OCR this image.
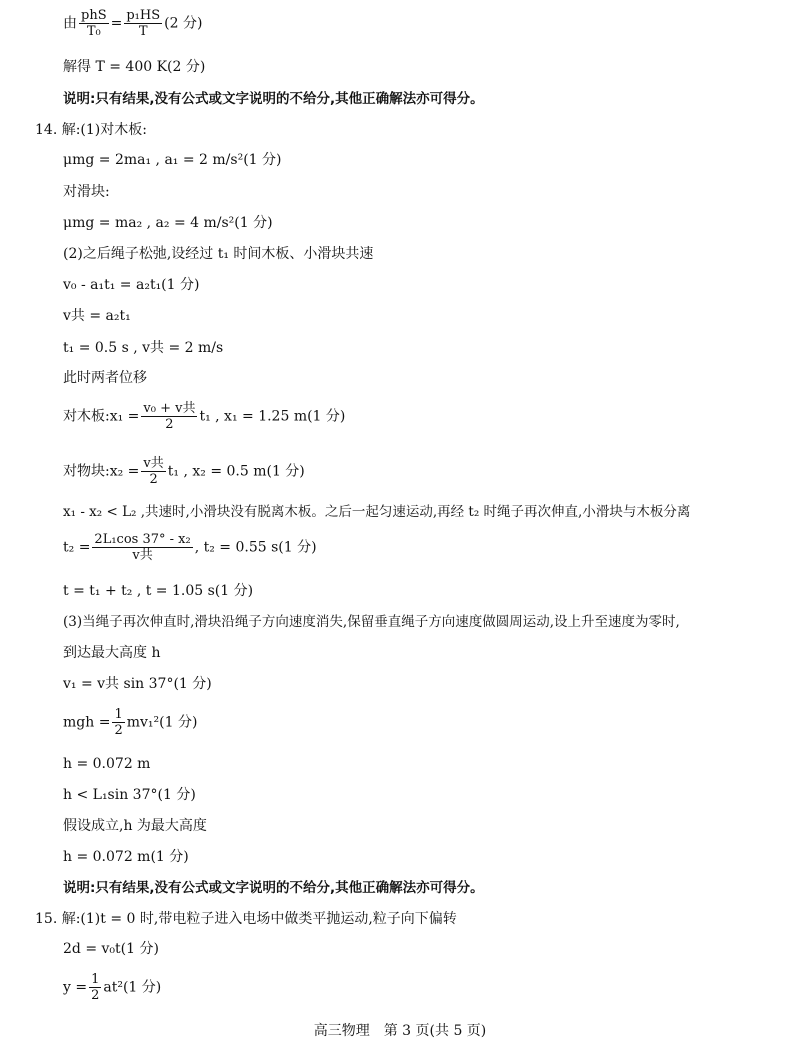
由 $\frac{\text{phS}}{\text{T₀}} = \frac{\text{p₁HS}}{T} (2$ 分)
解得 T = 400 K(2 分)
说明:只有结果,没有公式或文字说明的不给分,其他正确解法亦可得分。
14. 解:(1)对木板:
μmg = 2ma₁ , a₁ = 2 m/s²(1 分)
对滑块:
μmg = ma₂ , a₂ = 4 m/s²(1 分)
(2)之后绳子松弛,设经过 t₁ 时间木板、小滑块共速
v₀ - a₁t₁ = a₂t₁(1 分)
v共 = a₂t₁
t₁ = 0.5 s , v共 = 2 m/s
此时两者位移
对木板:x₁ = $\frac{\text{v₀ + v共}}{2} t_1$ , x₁ = 1.25 m(1 分)
对物块:x₂ = $\frac{\text{v共}}{2} t_1$ , x₂ = 0.5 m(1 分)
x₁ - x₂ < L₂ ,共速时,小滑块没有脱离木板。之后一起匀速运动,再经 t₂ 时绳子再次伸直,小滑块与木板分离
$t_2 = \frac{\text{2L₁cos 37° - x₂}}{\text{v共}}$ , t₂ = 0.55 s(1 分)
t = t₁ + t₂ , t = 1.05 s(1 分)
(3)当绳子再次伸直时,滑块沿绳子方向速度消失,保留垂直绳子方向速度做圆周运动,设上升至速度为零时,
到达最大高度 h
v₁ = v共 sin 37°(1 分)
mgh = $\frac{1}{2} mv_1^2(1$ 分)
h = 0.072 m
h < L₁sin 37°(1 分)
假设成立,h 为最大高度
h = 0.072 m(1 分)
说明:只有结果,没有公式或文字说明的不给分,其他正确解法亦可得分。
15. 解:(1)t = 0 时,带电粒子进入电场中做类平抛运动,粒子向下偏转
2d = v₀t(1 分)
$y = \frac{1}{2} at^2(1$ 分)
高三物理　第 3 页(共 5 页)
